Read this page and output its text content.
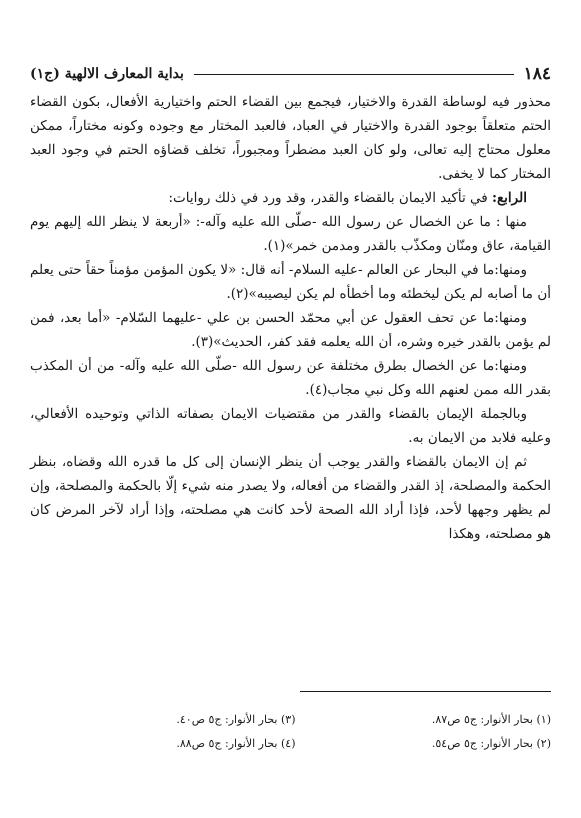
١٨٤
بداية المعارف الالهية (ج١)

محذور فيه لوساطة القدرة والاختيار، فيجمع بين القضاء الحتم واختيارية الأفعال، بكون القضاء الحتم متعلقاً بوجود القدرة والاختيار في العباد، فالعبد المختار مع وجوده وكونه مختاراً، ممكن معلول محتاج إليه تعالى، ولو كان العبد مضطراً ومجبوراً، تخلف قضاؤه الحتم في وجود العبد المختار كما لا يخفى.

الرابع: في تأكيد الايمان بالقضاء والقدر، وقد ورد في ذلك روايات:

منها : ما عن الخصال عن رسول الله -صلّى الله عليه وآله-: «أربعة لا ينظر الله إليهم يوم القيامة، عاق ومنّان ومكذّب بالقدر ومدمن خمر»(١).

ومنها:ما في البحار عن العالم -عليه السلام- أنه قال: «لا يكون المؤمن مؤمناً حقاً حتى يعلم أن ما أصابه لم يكن ليخطئه وما أخطأه لم يكن ليصيبه»(٢).

ومنها:ما عن تحف العقول عن أبي محمّد الحسن بن علي -عليهما السّلام- «أما بعد، فمن لم يؤمن بالقدر خيره وشره، أن الله يعلمه فقد كفر، الحديث»(٣).

ومنها:ما عن الخصال بطرق مختلفة عن رسول الله -صلّى الله عليه وآله- من أن المكذب بقدر الله ممن لعنهم الله وكل نبي مجاب(٤).

وبالجملة الإيمان بالقضاء والقدر من مقتضيات الايمان بصفاته الذاتي وتوحيده الأفعالي، وعليه فلابد من الايمان به.

ثم إن الايمان بالقضاء والقدر يوجب أن ينظر الإنسان إلى كل ما قدره الله وقضاه، بنظر الحكمة والمصلحة، إذ القدر والقضاء من أفعاله، ولا يصدر منه شيء إلّا بالحكمة والمصلحة، وإن لم يظهر وجهها لأحد، فإذا أراد الله الصحة لأحد كانت هي مصلحته، وإذا أراد لآخر المرض كان هو مصلحته، وهكذا

(١) بحار الأنوار: ج٥ ص٨٧.
(٣) بحار الأنوار: ج٥ ص٤٠.
(٢) بحار الأنوار: ج٥ ص٥٤.
(٤) بحار الأنوار: ج٥ ص٨٨.
